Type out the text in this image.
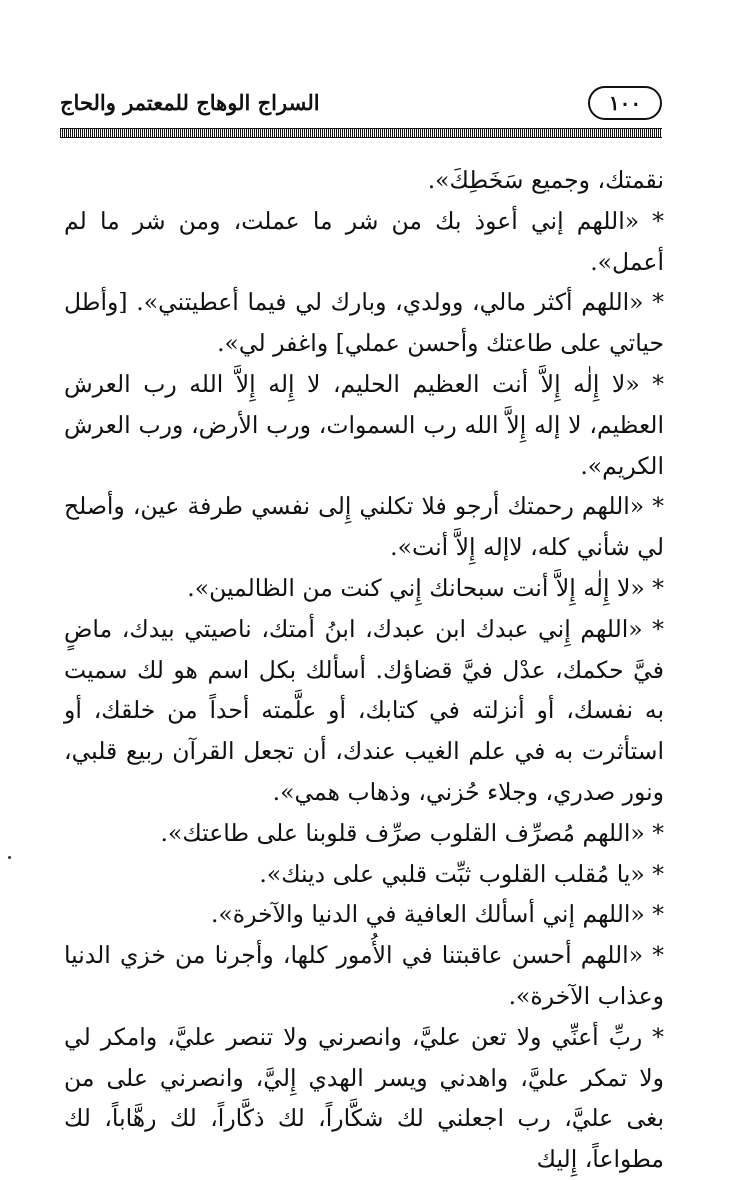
١٠٠
السراج الوهاج للمعتمر والحاج

نقمتك، وجميع سَخَطِكَ».

* «اللهم إني أعوذ بك من شر ما عملت، ومن شر ما لم أعمل».

* «اللهم أكثر مالي، وولدي، وبارك لي فيما أعطيتني». [وأطل حياتي على طاعتك وأحسن عملي] واغفر لي».

* «لا إِلٰه إِلاَّ أنت العظيم الحليم، لا إِله إِلاَّ الله رب العرش العظيم، لا إله إِلاَّ الله رب السموات، ورب الأرض، ورب العرش الكريم».

* «اللهم رحمتك أرجو فلا تكلني إِلى نفسي طرفة عين، وأصلح لي شأني كله، لاإله إِلاَّ أنت».

* «لا إِلٰه إِلاَّ أنت سبحانك إِني كنت من الظالمين».

* «اللهم إِني عبدك ابن عبدك، ابنُ أمتك، ناصيتي بيدك، ماضٍ فيَّ حكمك، عدْل فيَّ قضاؤك. أسألك بكل اسم هو لك سميت به نفسك، أو أنزلته في كتابك، أو علَّمته أحداً من خلقك، أو استأثرت به في علم الغيب عندك، أن تجعل القرآن ربيع قلبي، ونور صدري، وجلاء حُزني، وذهاب همي».

* «اللهم مُصرِّف القلوب صرِّف قلوبنا على طاعتك».

* «يا مُقلب القلوب ثبِّت قلبي على دينك».

* «اللهم إني أسألك العافية في الدنيا والآخرة».

* «اللهم أحسن عاقبتنا في الأُمور كلها، وأجرنا من خزي الدنيا وعذاب الآخرة».

* ربِّ أعنِّي ولا تعن عليَّ، وانصرني ولا تنصر عليَّ، وامكر لي ولا تمكر عليَّ، واهدني ويسر الهدي إِليَّ، وانصرني على من بغى عليَّ، رب اجعلني لك شكَّاراً، لك ذكَّاراً، لك رهَّاباً، لك مطواعاً، إِليك
